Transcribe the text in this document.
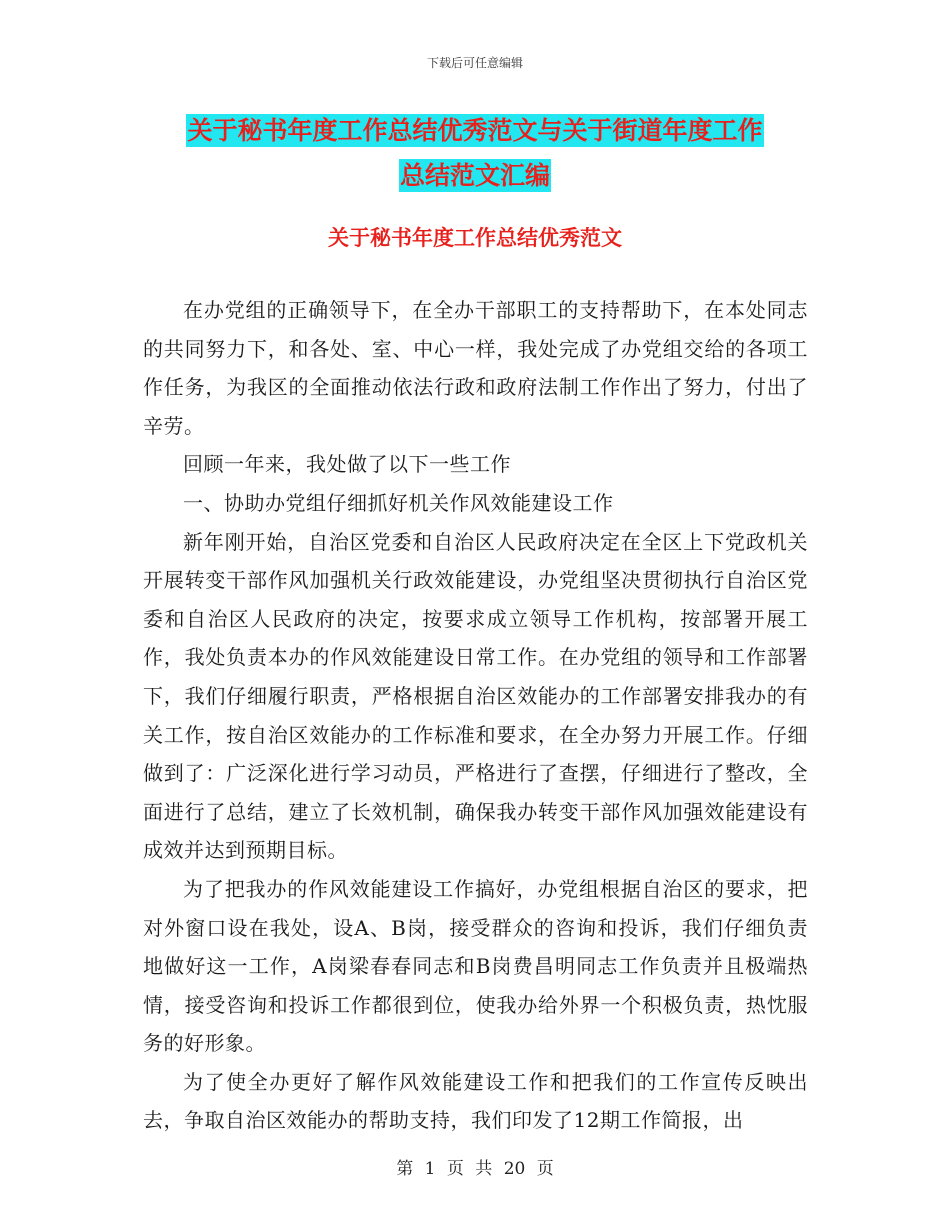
下载后可任意编辑
关于秘书年度工作总结优秀范文与关于街道年度工作
总结范文汇编
关于秘书年度工作总结优秀范文

在办党组的正确领导下，在全办干部职工的支持帮助下，在本处同志的共同努力下，和各处、室、中心一样，我处完成了办党组交给的各项工作任务，为我区的全面推动依法行政和政府法制工作作出了努力，付出了辛劳。

回顾一年来，我处做了以下一些工作

一、协助办党组仔细抓好机关作风效能建设工作

新年刚开始，自治区党委和自治区人民政府决定在全区上下党政机关开展转变干部作风加强机关行政效能建设，办党组坚决贯彻执行自治区党委和自治区人民政府的决定，按要求成立领导工作机构，按部署开展工作，我处负责本办的作风效能建设日常工作。在办党组的领导和工作部署下，我们仔细履行职责，严格根据自治区效能办的工作部署安排我办的有关工作，按自治区效能办的工作标准和要求，在全办努力开展工作。仔细做到了：广泛深化进行学习动员，严格进行了查摆，仔细进行了整改，全面进行了总结，建立了长效机制，确保我办转变干部作风加强效能建设有成效并达到预期目标。

为了把我办的作风效能建设工作搞好，办党组根据自治区的要求，把对外窗口设在我处，设A、B岗，接受群众的咨询和投诉，我们仔细负责地做好这一工作，A岗梁春春同志和B岗费昌明同志工作负责并且极端热情，接受咨询和投诉工作都很到位，使我办给外界一个积极负责，热忱服务的好形象。

为了使全办更好了解作风效能建设工作和把我们的工作宣传反映出去，争取自治区效能办的帮助支持，我们印发了12期工作简报，出

第 1 页 共 20 页
